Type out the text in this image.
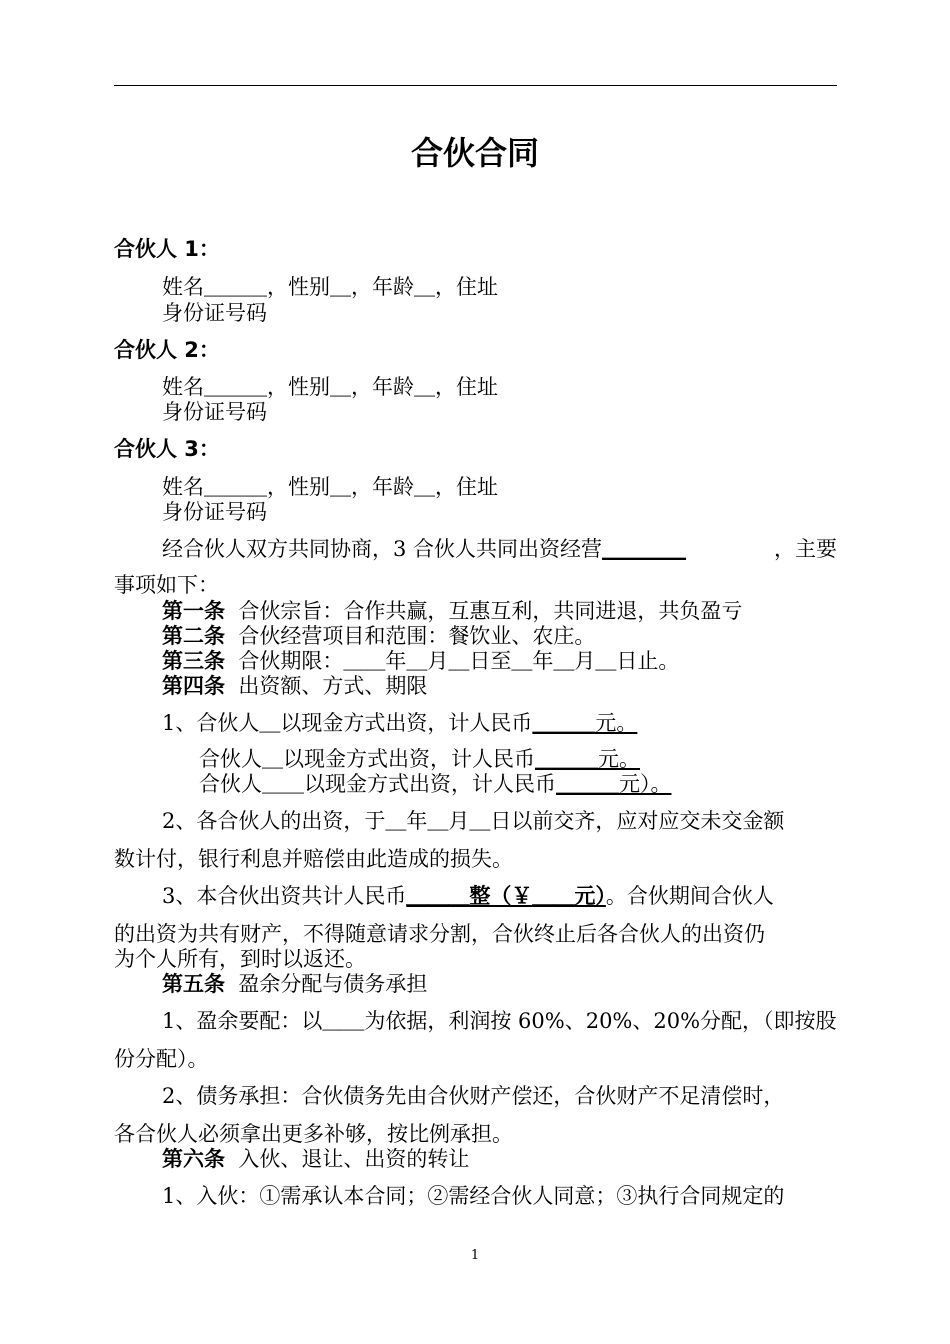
合伙合同
合伙人 1：
姓名＿＿＿，性别＿，年龄＿，住址
身份证号码
合伙人 2：
姓名＿＿＿，性别＿，年龄＿，住址
身份证号码
合伙人 3：
姓名＿＿＿，性别＿，年龄＿，住址
身份证号码
经合伙人双方共同协商，3 合伙人共同出资经营＿＿＿＿	，主要
事项如下：
第一条 合伙宗旨：合作共赢，互惠互利，共同进退，共负盈亏
第二条 合伙经营项目和范围：餐饮业、农庄。
第三条 合伙期限：＿＿年＿月＿日至＿年＿月＿日止。
第四条 出资额、方式、期限
1、合伙人＿以现金方式出资，计人民币＿＿＿元。
合伙人＿以现金方式出资，计人民币＿＿＿元。
合伙人＿＿以现金方式出资，计人民币＿＿＿元）。
2、各合伙人的出资，于＿年＿月＿日以前交齐，应对应交未交金额
数计付，银行利息并赔偿由此造成的损失。
3、本合伙出资共计人民币＿＿＿整（￥＿＿元）。合伙期间合伙人
的出资为共有财产，不得随意请求分割，合伙终止后各合伙人的出资仍
为个人所有，到时以返还。
第五条 盈余分配与债务承担
1、盈余要配：以＿＿为依据，利润按 60%、20%、20%分配，（即按股
份分配）。
2、债务承担：合伙债务先由合伙财产偿还，合伙财产不足清偿时，
各合伙人必须拿出更多补够，按比例承担。
第六条 入伙、退让、出资的转让
1、入伙：①需承认本合同；②需经合伙人同意；③执行合同规定的
1
